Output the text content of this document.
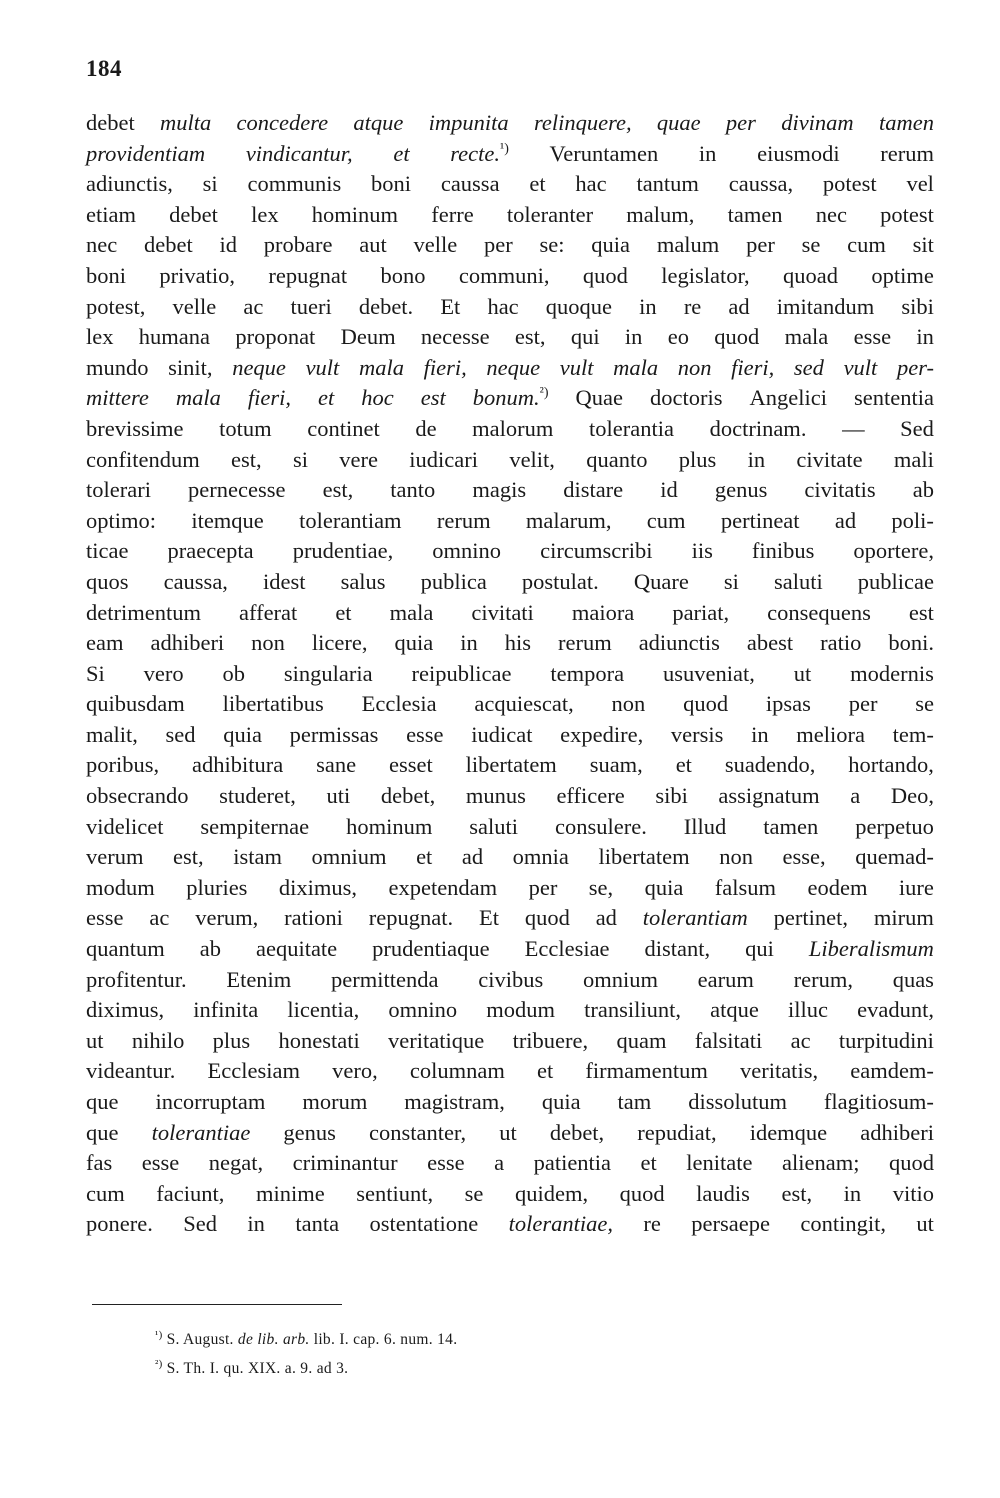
184
debet multa concedere atque impunita relinquere, quae per divinam tamen
providentiam vindicantur, et recte.$^{^1)}$ Veruntamen in eiusmodi rerum
adiunctis, si communis boni caussa et hac tantum caussa, potest vel
etiam debet lex hominum ferre toleranter malum, tamen nec potest
nec debet id probare aut velle per se: quia malum per se cum sit
boni privatio, repugnat bono communi, quod legislator, quoad optime
potest, velle ac tueri debet. Et hac quoque in re ad imitandum sibi
lex humana proponat Deum necesse est, qui in eo quod mala esse in
mundo sinit, neque vult mala fieri, neque vult mala non fieri, sed vult per-
mittere mala fieri, et hoc est bonum.$^{^2)}$ Quae doctoris Angelici sententia
brevissime totum continet de malorum tolerantia doctrinam. — Sed
confitendum est, si vere iudicari velit, quanto plus in civitate mali
tolerari pernecesse est, tanto magis distare id genus civitatis ab
optimo: itemque tolerantiam rerum malarum, cum pertineat ad poli-
ticae praecepta prudentiae, omnino circumscribi iis finibus oportere,
quos caussa, idest salus publica postulat. Quare si saluti publicae
detrimentum afferat et mala civitati maiora pariat, consequens est
eam adhiberi non licere, quia in his rerum adiunctis abest ratio boni.
Si vero ob singularia reipublicae tempora usuveniat, ut modernis
quibusdam libertatibus Ecclesia acquiescat, non quod ipsas per se
malit, sed quia permissas esse iudicat expedire, versis in meliora tem-
poribus, adhibitura sane esset libertatem suam, et suadendo, hortando,
obsecrando studeret, uti debet, munus efficere sibi assignatum a Deo,
videlicet sempiternae hominum saluti consulere. Illud tamen perpetuo
verum est, istam omnium et ad omnia libertatem non esse, quemad-
modum pluries diximus, expetendam per se, quia falsum eodem iure
esse ac verum, rationi repugnat. Et quod ad tolerantiam pertinet, mirum
quantum ab aequitate prudentiaque Ecclesiae distant, qui Liberalismum
profitentur. Etenim permittenda civibus omnium earum rerum, quas
diximus, infinita licentia, omnino modum transiliunt, atque illuc evadunt,
ut nihilo plus honestati veritatique tribuere, quam falsitati ac turpitudini
videantur. Ecclesiam vero, columnam et firmamentum veritatis, eamdem-
que incorruptam morum magistram, quia tam dissolutum flagitiosum-
que tolerantiae genus constanter, ut debet, repudiat, idemque adhiberi
fas esse negat, criminantur esse a patientia et lenitate alienam; quod
cum faciunt, minime sentiunt, se quidem, quod laudis est, in vitio
ponere. Sed in tanta ostentatione tolerantiae, re persaepe contingit, ut
$^{^1)}$ S. August. de lib. arb. lib. I. cap. 6. num. 14.
$^{^2)}$ S. Th. I. qu. XIX. a. 9. ad 3.
